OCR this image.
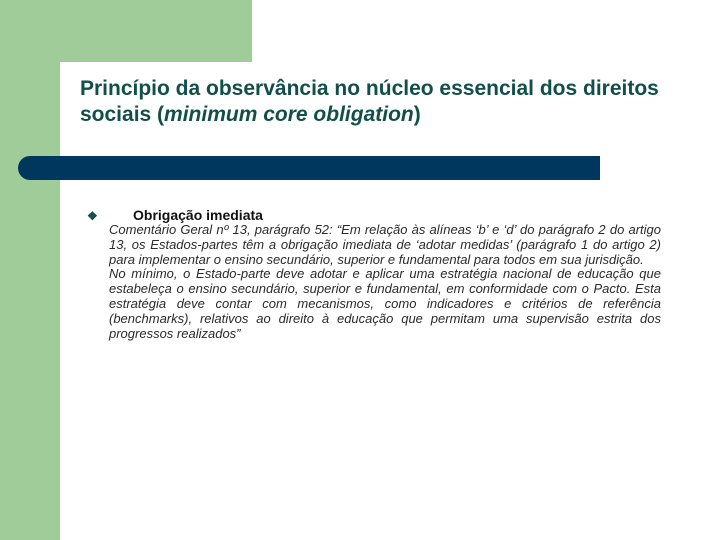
Princípio da observância no núcleo essencial dos direitos sociais (minimum core obligation)
❖	Obrigação imediata

Comentário Geral nº 13, parágrafo 52: “Em relação às alíneas ‘b’ e ‘d’ do parágrafo 2 do artigo 13, os Estados-partes têm a obrigação imediata de ‘adotar medidas’ (parágrafo 1 do artigo 2) para implementar o ensino secundário, superior e fundamental para todos em sua jurisdição.

No mínimo, o Estado-parte deve adotar e aplicar uma estratégia nacional de educação que estabeleça o ensino secundário, superior e fundamental, em conformidade com o Pacto. Esta estratégia deve contar com mecanismos, como indicadores e critérios de referência (benchmarks), relativos ao direito à educação que permitam uma supervisão estrita dos progressos realizados”
